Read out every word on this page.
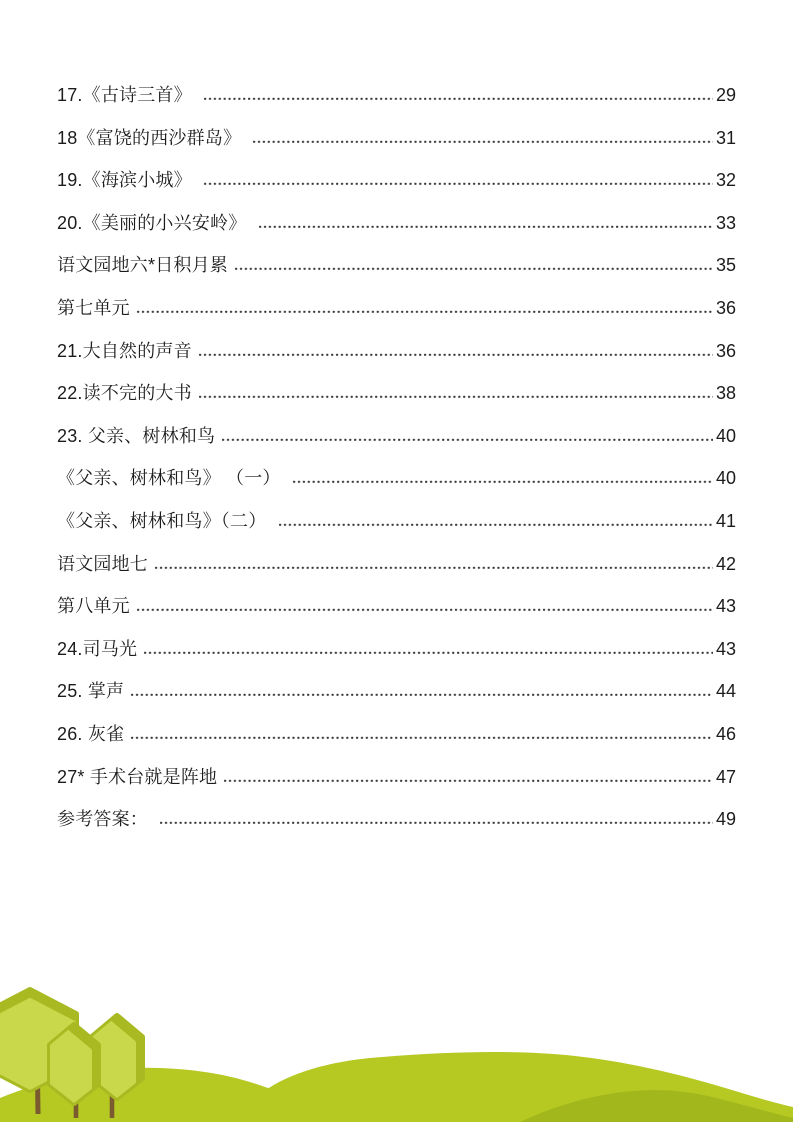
17.《古诗三首》	29
18《富饶的西沙群岛》	31
19.《海滨小城》	32
20.《美丽的小兴安岭》	33
语文园地六*日积月累	35
第七单元	36
21.大自然的声音	36
22.读不完的大书	38
23. 父亲、树林和鸟	40
《父亲、树林和鸟》 （一）	40
《父亲、树林和鸟》（二）	41
语文园地七	42
第八单元	43
24.司马光	43
25. 掌声	44
26. 灰雀	46
27* 手术台就是阵地	47
参考答案：	49
